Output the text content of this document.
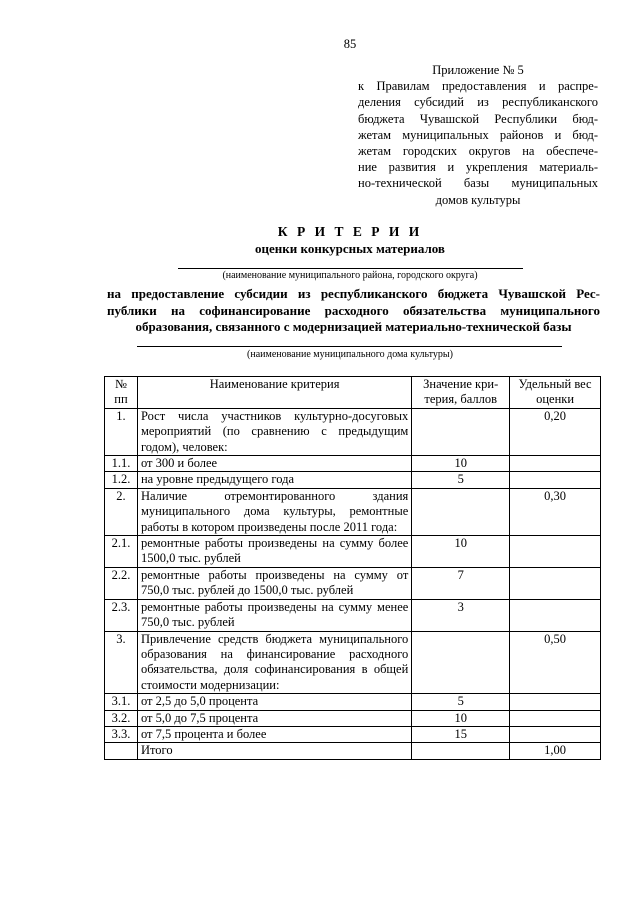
85
Приложение № 5
к Правилам предоставления и распре-
деления субсидий из республиканского
бюджета Чувашской Республики бюд-
жетам муниципальных районов и бюд-
жетам городских округов на обеспече-
ние развития и укрепления материаль-
но-технической базы муниципальных
домов культуры
К Р И Т Е Р И И
оценки конкурсных материалов
(наименование муниципального района, городского округа)
на предоставление субсидии из республиканского бюджета Чувашской Рес-
публики на софинансирование расходного обязательства муниципального
образования, связанного с модернизацией материально-технической базы
(наименование муниципального дома культуры)
№ пп	Наименование критерия	Значение кри-терия, баллов	Удельный вес оценки
1.	Рост числа участников культурно-досуговых мероприятий (по сравнению с предыдущим годом), человек:		0,20
1.1.	от 300 и более	10	
1.2.	на уровне предыдущего года	5	
2.	Наличие отремонтированного здания муниципального дома культуры, ремонтные работы в котором произведены после 2011 года:		0,30
2.1.	ремонтные работы произведены на сумму более 1500,0 тыс. рублей	10	
2.2.	ремонтные работы произведены на сумму от 750,0 тыс. рублей до 1500,0 тыс. рублей	7	
2.3.	ремонтные работы произведены на сумму менее 750,0 тыс. рублей	3	
3.	Привлечение средств бюджета муниципального образования на финансирование расходного обязательства, доля софинансирования в общей стоимости модернизации:		0,50
3.1.	от 2,5 до 5,0 процента	5	
3.2.	от 5,0 до 7,5 процента	10	
3.3.	от 7,5 процента и более	15	
	Итого		1,00
